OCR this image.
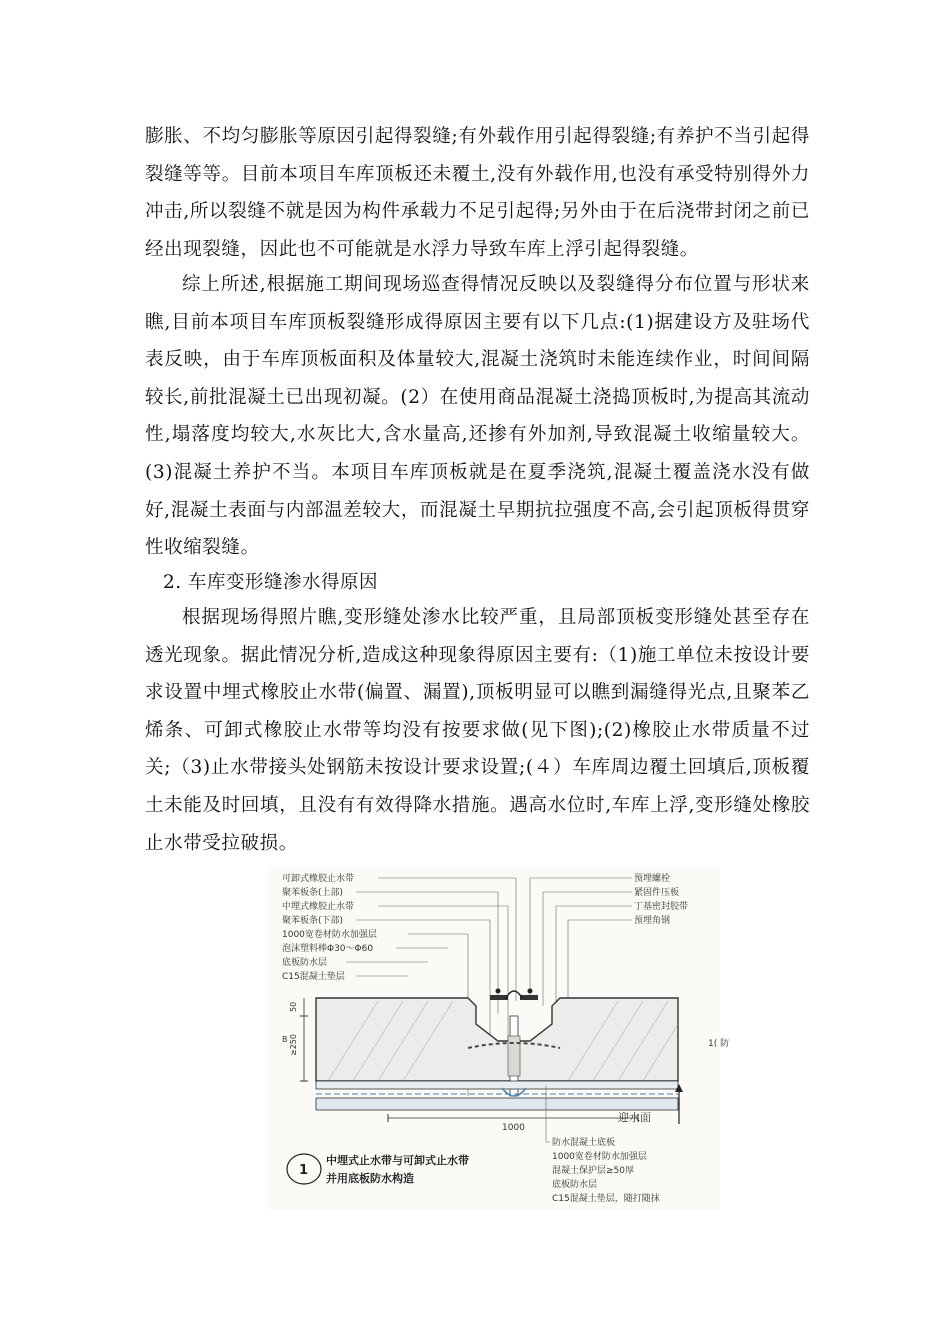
膨胀、不均匀膨胀等原因引起得裂缝;有外载作用引起得裂缝;有养护不当引起得裂缝等等。目前本项目车库顶板还未覆土,没有外载作用,也没有承受特别得外力冲击,所以裂缝不就是因为构件承载力不足引起得;另外由于在后浇带封闭之前已经出现裂缝，因此也不可能就是水浮力导致车库上浮引起得裂缝。
综上所述,根据施工期间现场巡查得情况反映以及裂缝得分布位置与形状来瞧,目前本项目车库顶板裂缝形成得原因主要有以下几点:(1)据建设方及驻场代表反映，由于车库顶板面积及体量较大,混凝土浇筑时未能连续作业，时间间隔较长,前批混凝土已出现初凝。(2）在使用商品混凝土浇捣顶板时,为提高其流动性,塌落度均较大,水灰比大,含水量高,还掺有外加剂,导致混凝土收缩量较大。(3)混凝土养护不当。本项目车库顶板就是在夏季浇筑,混凝土覆盖浇水没有做好,混凝土表面与内部温差较大，而混凝土早期抗拉强度不高,会引起顶板得贯穿性收缩裂缝。
2. 车库变形缝渗水得原因
根据现场得照片瞧,变形缝处渗水比较严重，且局部顶板变形缝处甚至存在透光现象。据此情况分析,造成这种现象得原因主要有:（1)施工单位未按设计要求设置中埋式橡胶止水带(偏置、漏置),顶板明显可以瞧到漏缝得光点,且聚苯乙烯条、可卸式橡胶止水带等均没有按要求做(见下图);(2)橡胶止水带质量不过关;（3)止水带接头处钢筋未按设计要求设置;(４）车库周边覆土回填后,顶板覆土未能及时回填，且没有有效得降水措施。遇高水位时,车库上浮,变形缝处橡胶止水带受拉破损。
可卸式橡胶止水带
聚苯板条(上部)
中埋式橡胶止水带
聚苯板条(下部)
1000宽卷材防水加强层
泡沫塑料棒Φ30～Φ60
底板防水层
C15混凝土垫层
预埋螺栓
紧固件压板
丁基密封胶带
预埋角钢
≥250
50
B
1000
迎水面
1( 防
防水混凝土底板
1000宽卷材防水加强层
混凝土保护层≥50厚
底板防水层
C15混凝土垫层，随打随抹
1
中埋式止水带与可卸式止水带
并用底板防水构造
